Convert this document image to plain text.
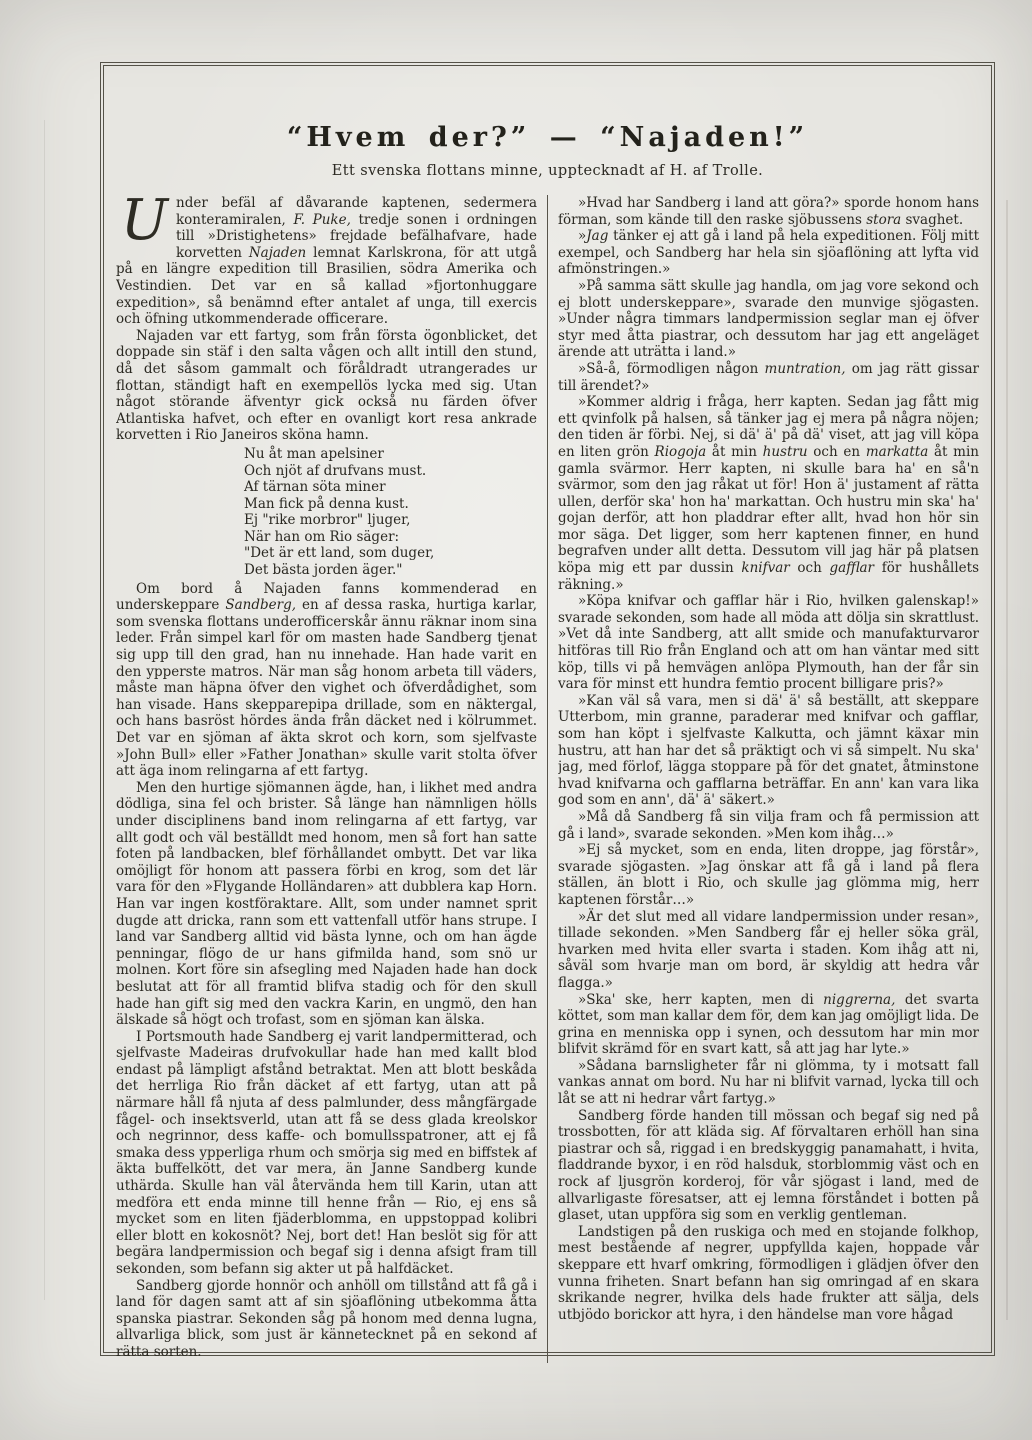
“Hvem der?” — “Najaden!”
Ett svenska flottans minne, upptecknadt af H. af Trolle.

U nder befäl af dåvarande kaptenen, sedermera konteramiralen, F. Puke, tredje sonen i ordningen till »Dristighetens» frejdade befälhafvare, hade korvetten Najaden lemnat Karlskrona, för att utgå på en längre expedition till Brasilien, södra Amerika och Vestindien. Det var en så kallad »fjortonhuggare expedition», så benämnd efter antalet af unga, till exercis och öfning utkommenderade officerare.

Najaden var ett fartyg, som från första ögonblicket, det doppade sin stäf i den salta vågen och allt intill den stund, då det såsom gammalt och föråldradt utrangerades ur flottan, ständigt haft en exempellös lycka med sig. Utan något störande äfventyr gick också nu färden öfver Atlantiska hafvet, och efter en ovanligt kort resa ankrade korvetten i Rio Janeiros sköna hamn.

Nu åt man apelsiner
Och njöt af drufvans must.
Af tärnan söta miner
Man fick på denna kust.
Ej "rike morbror" ljuger,
När han om Rio säger:
"Det är ett land, som duger,
Det bästa jorden äger."

Om bord å Najaden fanns kommenderad en underskeppare Sandberg, en af dessa raska, hurtiga karlar, som svenska flottans underofficerskår ännu räknar inom sina leder. Från simpel karl för om masten hade Sandberg tjenat sig upp till den grad, han nu innehade. Han hade varit en den ypperste matros. När man såg honom arbeta till väders, måste man häpna öfver den vighet och öfverdådighet, som han visade. Hans skepparepipa drillade, som en näktergal, och hans basröst hördes ända från däcket ned i kölrummet. Det var en sjöman af äkta skrot och korn, som sjelfvaste »John Bull» eller »Father Jonathan» skulle varit stolta öfver att äga inom relingarna af ett fartyg.

Men den hurtige sjömannen ägde, han, i likhet med andra dödliga, sina fel och brister. Så länge han nämnligen hölls under disciplinens band inom relingarna af ett fartyg, var allt godt och väl beställdt med honom, men så fort han satte foten på landbacken, blef förhållandet ombytt. Det var lika omöjligt för honom att passera förbi en krog, som det lär vara för den »Flygande Holländaren» att dubblera kap Horn. Han var ingen kostföraktare. Allt, som under namnet sprit dugde att dricka, rann som ett vattenfall utför hans strupe. I land var Sandberg alltid vid bästa lynne, och om han ägde penningar, flögo de ur hans gifmilda hand, som snö ur molnen. Kort före sin afsegling med Najaden hade han dock beslutat att för all framtid blifva stadig och för den skull hade han gift sig med den vackra Karin, en ungmö, den han älskade så högt och trofast, som en sjöman kan älska.

I Portsmouth hade Sandberg ej varit landpermitterad, och sjelfvaste Madeiras drufvokullar hade han med kallt blod endast på lämpligt afstånd betraktat. Men att blott beskåda det herrliga Rio från däcket af ett fartyg, utan att på närmare håll få njuta af dess palmlunder, dess mångfärgade fågel- och insektsverld, utan att få se dess glada kreolskor och negrinnor, dess kaffe- och bomullsspatroner, att ej få smaka dess ypperliga rhum och smörja sig med en biffstek af äkta buffelkött, det var mera, än Janne Sandberg kunde uthärda. Skulle han väl återvända hem till Karin, utan att medföra ett enda minne till henne från — Rio, ej ens så mycket som en liten fjäderblomma, en uppstoppad kolibri eller blott en kokosnöt? Nej, bort det! Han beslöt sig för att begära landpermission och begaf sig i denna afsigt fram till sekonden, som befann sig akter ut på halfdäcket.

Sandberg gjorde honnör och anhöll om tillstånd att få gå i land för dagen samt att af sin sjöaflöning utbekomma åtta spanska piastrar. Sekonden såg på honom med denna lugna, allvarliga blick, som just är kännetecknet på en sekond af rätta sorten.

»Hvad har Sandberg i land att göra?» sporde honom hans förman, som kände till den raske sjöbussens stora svaghet.

»Jag tänker ej att gå i land på hela expeditionen. Följ mitt exempel, och Sandberg har hela sin sjöaflöning att lyfta vid afmönstringen.»

»På samma sätt skulle jag handla, om jag vore sekond och ej blott underskeppare», svarade den munvige sjögasten. »Under några timmars landpermission seglar man ej öfver styr med åtta piastrar, och dessutom har jag ett angeläget ärende att uträtta i land.»

»Så-å, förmodligen någon muntration, om jag rätt gissar till ärendet?»

»Kommer aldrig i fråga, herr kapten. Sedan jag fått mig ett qvinfolk på halsen, så tänker jag ej mera på några nöjen; den tiden är förbi. Nej, si dä' ä' på dä' viset, att jag vill köpa en liten grön Riogoja åt min hustru och en markatta åt min gamla svärmor. Herr kapten, ni skulle bara ha' en så'n svärmor, som den jag råkat ut för! Hon ä' justament af rätta ullen, derför ska' hon ha' markattan. Och hustru min ska' ha' gojan derför, att hon pladdrar efter allt, hvad hon hör sin mor säga. Det ligger, som herr kaptenen finner, en hund begrafven under allt detta. Dessutom vill jag här på platsen köpa mig ett par dussin knifvar och gafflar för hushållets räkning.»

»Köpa knifvar och gafflar här i Rio, hvilken galenskap!» svarade sekonden, som hade all möda att dölja sin skrattlust. »Vet då inte Sandberg, att allt smide och manufakturvaror hitföras till Rio från England och att om han väntar med sitt köp, tills vi på hemvägen anlöpa Plymouth, han der får sin vara för minst ett hundra femtio procent billigare pris?»

»Kan väl så vara, men si dä' ä' så beställt, att skeppare Utterbom, min granne, paraderar med knifvar och gafflar, som han köpt i sjelfvaste Kalkutta, och jämnt käxar min hustru, att han har det så präktigt och vi så simpelt. Nu ska' jag, med förlof, lägga stoppare på för det gnatet, åtminstone hvad knifvarna och gafflarna beträffar. En ann' kan vara lika god som en ann', dä' ä' säkert.»

»Må då Sandberg få sin vilja fram och få permission att gå i land», svarade sekonden. »Men kom ihåg…»

»Ej så mycket, som en enda, liten droppe, jag förstår», svarade sjögasten. »Jag önskar att få gå i land på flera ställen, än blott i Rio, och skulle jag glömma mig, herr kaptenen förstår…»

»Är det slut med all vidare landpermission under resan», tillade sekonden. »Men Sandberg får ej heller söka gräl, hvarken med hvita eller svarta i staden. Kom ihåg att ni, såväl som hvarje man om bord, är skyldig att hedra vår flagga.»

»Ska' ske, herr kapten, men di niggrerna, det svarta köttet, som man kallar dem för, dem kan jag omöjligt lida. De grina en menniska opp i synen, och dessutom har min mor blifvit skrämd för en svart katt, så att jag har lyte.»

»Sådana barnsligheter får ni glömma, ty i motsatt fall vankas annat om bord. Nu har ni blifvit varnad, lycka till och låt se att ni hedrar vårt fartyg.»

Sandberg förde handen till mössan och begaf sig ned på trossbotten, för att kläda sig. Af förvaltaren erhöll han sina piastrar och så, riggad i en bredskyggig panamahatt, i hvita, fladdrande byxor, i en röd halsduk, storblommig väst och en rock af ljusgrön korderoj, för vår sjögast i land, med de allvarligaste föresatser, att ej lemna förståndet i botten på glaset, utan uppföra sig som en verklig gentleman.

Landstigen på den ruskiga och med en stojande folkhop, mest bestående af negrer, uppfyllda kajen, hoppade vår skeppare ett hvarf omkring, förmodligen i glädjen öfver den vunna friheten. Snart befann han sig omringad af en skara skrikande negrer, hvilka dels hade frukter att sälja, dels utbjödo borickor att hyra, i den händelse man vore hågad
